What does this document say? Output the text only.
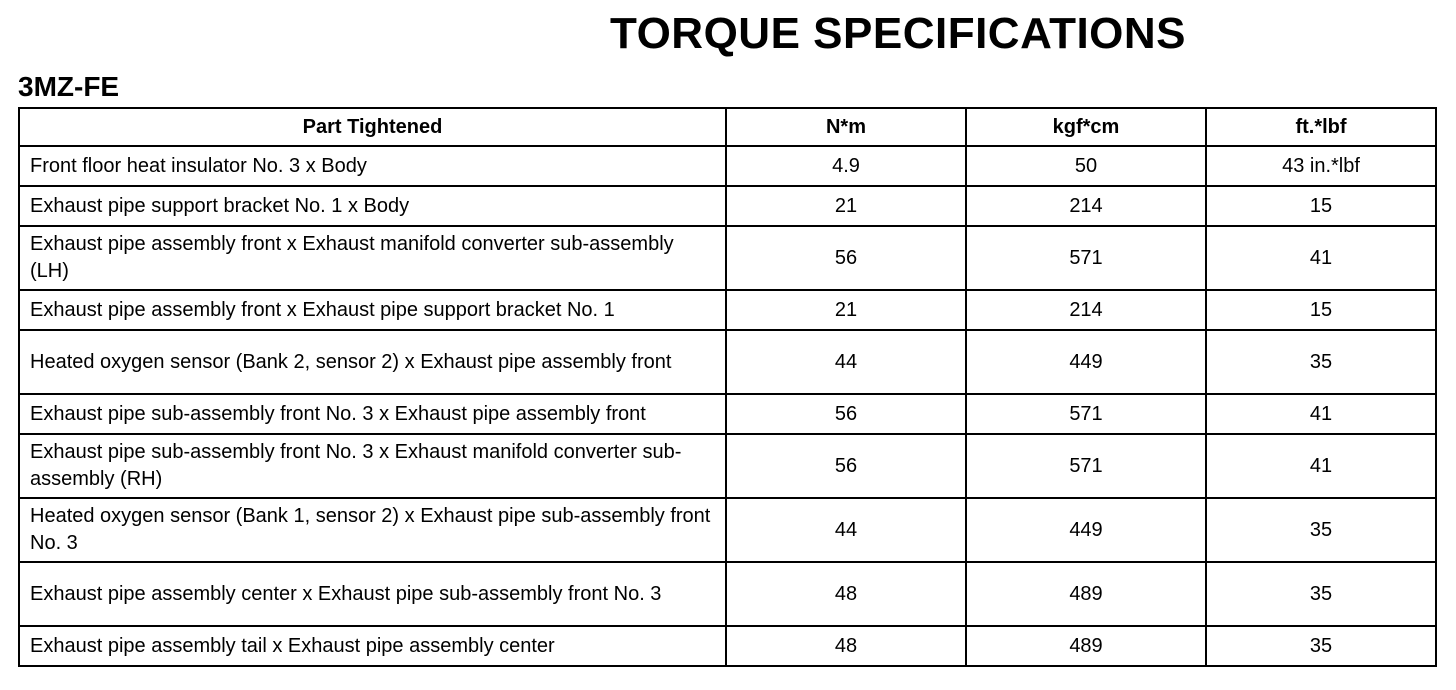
TORQUE SPECIFICATIONS
3MZ-FE
Part Tightened	N*m	kgf*cm	ft.*lbf
Front floor heat insulator No. 3 x Body	4.9	50	43 in.*lbf
Exhaust pipe support bracket No. 1 x Body	21	214	15
Exhaust pipe assembly front x Exhaust manifold converter sub-assembly (LH)	56	571	41
Exhaust pipe assembly front x Exhaust pipe support bracket No. 1	21	214	15
Heated oxygen sensor (Bank 2, sensor 2) x Exhaust pipe assembly front	44	449	35
Exhaust pipe sub-assembly front No. 3 x Exhaust pipe assembly front	56	571	41
Exhaust pipe sub-assembly front No. 3 x Exhaust manifold converter sub-assembly (RH)	56	571	41
Heated oxygen sensor (Bank 1, sensor 2) x Exhaust pipe sub-assembly front No. 3	44	449	35
Exhaust pipe assembly center x Exhaust pipe sub-assembly front No. 3	48	489	35
Exhaust pipe assembly tail x Exhaust pipe assembly center	48	489	35
